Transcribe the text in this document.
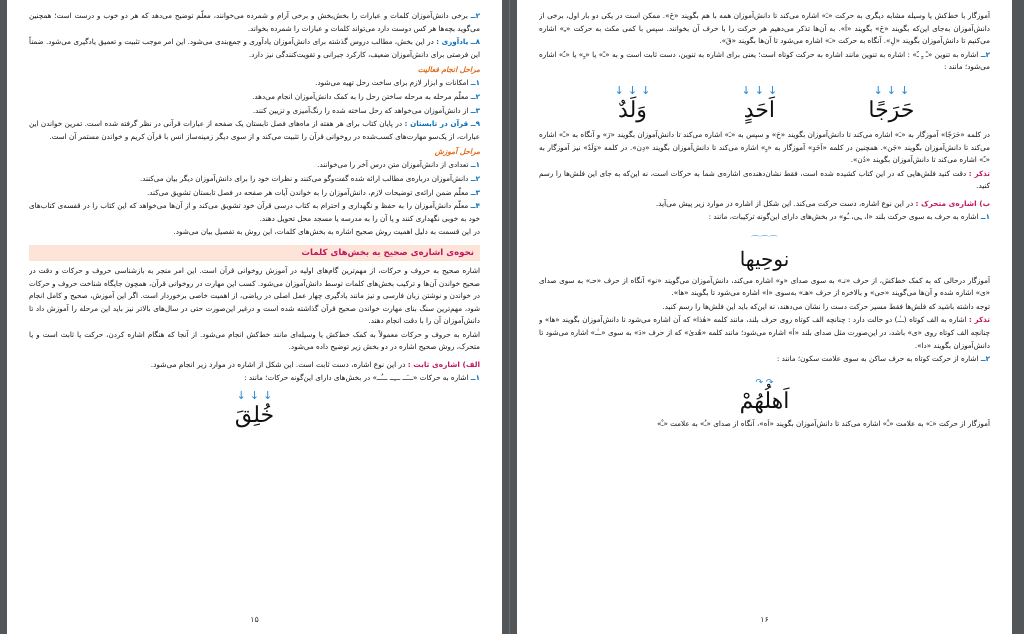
۲ــ برخی دانش‌آموزان کلمات و عبارات را بخش‌بخش و برخی آرام و شمرده می‌خوانند، معلّم توضیح می‌دهد که هر دو خوب و درست است؛ همچنین می‌گوید بچه‌ها هر کس دوست دارد می‌تواند کلمات و عبارات را شمرده بخواند.

۸ــ یادآوری : در این بخش، مطالب دروس گذشته برای دانش‌آموزان یادآوری و جمع‌بندی می‌شود. این امر موجب تثبیت و تعمیق یادگیری می‌شود. ضمناً این فرصتی برای دانش‌آموزان ضعیف، کارکرد جبرانی و تقویت‌کنندگی نیز دارد.

مراحل انجام فعالیت

۱ــ امکانات و ابزار لازم برای ساخت رحل تهیه می‌شود.

۲ــ معلّم مرحله به مرحله ساختن رحل را به کمک دانش‌آموزان انجام می‌دهد.

۳ــ از دانش‌آموزان می‌خواهد که رحل ساخته شده را رنگ‌آمیزی و تزیین کنند.

۹ــ قرآن در تابستان : در پایان کتاب برای هر هفته از ماه‌های فصل تابستان یک صفحه از عبارات قرآنی در نظر گرفته شده است. تمرین خواندن این عبارات، از یک‌سو مهارت‌های کسب‌شده در روخوانی قرآن را تثبیت می‌کند و از سوی دیگر زمینه‌ساز انس با قرآن کریم و خواندن مستمر آن است.

مراحل آموزش

۱ــ تعدادی از دانش‌آموزان متن درس آخر را می‌خوانند.

۲ــ دانش‌آموزان درباره‌ی مطالب ارائه شده گفت‌وگو می‌کنند و نظرات خود را برای دانش‌آموزان دیگر بیان می‌کنند.

۳ــ معلّم ضمن ارائه‌ی توضیحات لازم، دانش‌آموزان را به خواندن آیات هر صفحه در فصل تابستان تشویق می‌کند.

۴ــ معلّم دانش‌آموزان را به حفظ و نگهداری و احترام به کتاب درسی قرآن خود تشویق می‌کند و از آن‌ها می‌خواهد که این کتاب را در قفسه‌ی کتاب‌های خود به خوبی نگهداری کنند و یا آن را به مدرسه یا مسجد محل تحویل دهند.

در این قسمت به دلیل اهمیت روش صحیح اشاره به بخش‌های کلمات، این روش به تفصیل بیان می‌شود.

نحوه‌ی اشاره‌ی صحیح به بخش‌های کلمات

اشاره صحیح به حروف و حرکات، از مهم‌ترین گام‌های اولیه در آموزش روخوانی قرآن است. این امر منجر به بازشناسی حروف و حرکات و دقت در صحیح خواندن آن‌ها و ترکیب بخش‌های کلمات توسط دانش‌آموزان می‌شود. کسب این مهارت در روخوانی قرآن، همچون جایگاه شناخت حروف و حرکات در خواندن و نوشتن زبان فارسی و نیز مانند یادگیری چهار عمل اصلی در ریاضی، از اهمیت خاصی برخوردار است. اگر این آموزش، صحیح و کامل انجام شود، مهم‌ترین سنگ بنای مهارت خواندن صحیح قرآن گذاشته شده است و درغیر این‌صورت حتی در سال‌های بالاتر نیز باید این مرحله را آموزش داد تا دانش‌آموزان آن را با دقت انجام دهند.

اشاره به حروف و حرکات معمولاً به کمک خط‌کش یا وسیله‌ای مانند خط‌کش انجام می‌شود. از آنجا که هنگام اشاره کردن، حرکت یا ثابت است و یا متحرک، روش صحیح اشاره در دو بخش زیر توضیح داده می‌شود.

الف) اشاره‌ی ثابت : در این نوع اشاره، دست ثابت است. این شکل از اشاره در موارد زیر انجام می‌شود.

۱ــ اشاره به حرکات «ـــَــ ـــِــ ـــُــ» در بخش‌های دارای این‌گونه حرکات؛ مانند :

↓
↓
↓
خُلِقَ
۱۵

آموزگار با خط‌کش یا وسیله مشابه دیگری به حرکت «ـَ» اشاره می‌کند تا دانش‌آموزان همه با هم بگویند «خَ». ممکن است در یکی دو بار اول، برخی از دانش‌آموزان به‌جای این‌که بگویند «خَ» بگویند «اَ». به آن‌ها تذکر می‌دهیم هر حرکت را با حرف آن بخوانند. سپس با کمی مکث به حرکت «ـِ» اشاره می‌کنیم تا دانش‌آموزان بگویند «لِ». آنگاه به حرکت «ـَ» اشاره می‌شود تا آن‌ها بگویند «قَ».

۲ــ اشاره به تنوین «ـً ـٍ ـٌ» : اشاره به تنوین مانند اشاره به حرکت کوتاه است؛ یعنی برای اشاره به تنوین، دست ثابت است و به «ـً» یا «ـٍ» یا «ـٌ» اشاره می‌شود؛ مانند :

↓
↓
↓
حَرَجًا
↓
↓
↓
اَحَدٍ
↓
↓
↓
وَلَدٌ

در کلمه «حَرَجًا» آموزگار به «ـَ» اشاره می‌کند تا دانش‌آموزان بگویند «حَ» و سپس به «ـَ» اشاره می‌کند تا دانش‌آموزان بگویند «رَ» و آنگاه به «ـً» اشاره می‌کند تا دانش‌آموزان بگویند «جَن». همچنین در کلمه «اَحَدٍ» آموزگار به «ـٍ» اشاره می‌کند تا دانش‌آموزان بگویند «دِن». در کلمه «وَلَدٌ» نیز آموزگار به «ـٌ» اشاره می‌کند تا دانش‌آموزان بگویند «دُن».

تذکر : دقت کنید فلش‌هایی که در این کتاب کشیده شده است، فقط نشان‌دهنده‌ی اشاره‌ی شما به حرکات است، نه این‌که به جای این فلش‌ها را رسم کنید.

ب) اشاره‌ی متحرک : در این نوع اشاره، دست حرکت می‌کند. این شکل از اشاره در موارد زیر پیش می‌آید.

۱ــ اشاره به حرف به سوی حرکت بلند «ا، ـِی، ـُو» در بخش‌های دارای این‌گونه ترکیبات، مانند :

⌒⌒⌒
نوحِیها

آموزگار درحالی که به کمک خط‌کش، از حرف «نـ» به سوی صدای «و» اشاره می‌کند، دانش‌آموزان می‌گویند «نو» آنگاه از حرف «حـ» به سوی صدای «ی» اشاره شده و آن‌ها می‌گویند «حی» و بالاخره از حرف «هـ» به‌سوی «ا» اشاره می‌شود تا بگویند «ها».

توجه داشته باشید که فلش‌ها فقط مسیر حرکت دست را نشان می‌دهند، نه این‌که باید این فلش‌ها را رسم کنید.

تذکر : اشاره به الف کوتاه (ــٰـ) دو حالت دارد : چنانچه الف کوتاه روی حرف بلند، مانند کلمه «هٰذا» که آن اشاره می‌شود تا دانش‌آموزان بگویند «ها» و چنانچه الف کوتاه روی «ی» باشد، در این‌صورت مثل صدای بلند «اَ» اشاره می‌شود؛ مانند کلمه «هُدیٰ» که از حرف «دَ» به سوی «ــٰـ» اشاره می‌شود تا دانش‌آموزان بگویند «دا».

۲ــ اشاره از حرکت کوتاه به حرف ساکن به سوی علامت سکون؛ مانند :

↷ ↷
اَهلُهُمْ

آموزگار از حرکت «ـَ» به علامت «ـْ» اشاره می‌کند تا دانش‌آموزان بگویند «اَه»، آنگاه از صدای «ـُ» به علامت «ـْ»

۱۶
